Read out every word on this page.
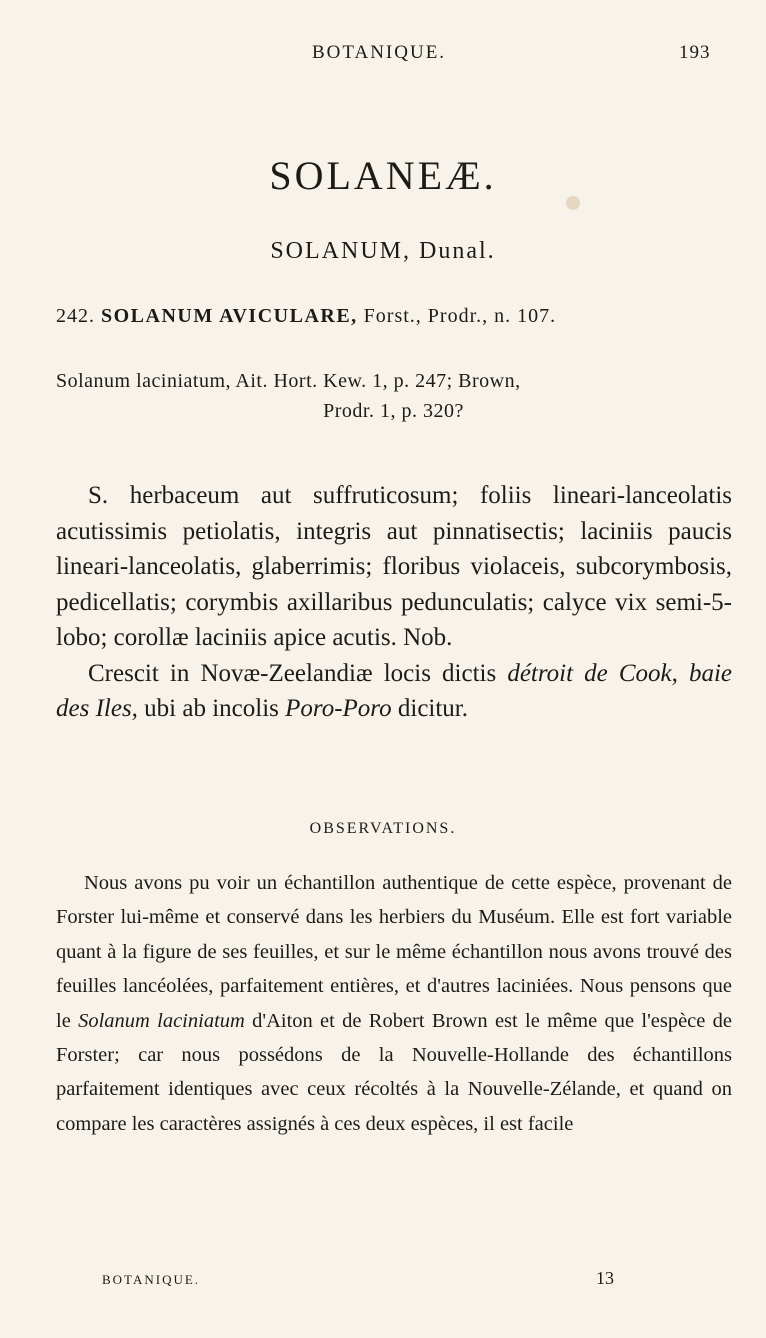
BOTANIQUE.	193
SOLANEÆ.
SOLANUM, Dunal.
242. SOLANUM AVICULARE, Forst., Prodr., n. 107.
Solanum laciniatum, Ait. Hort. Kew. 1, p. 247; Brown,
Prodr. 1, p. 320?

S. herbaceum aut suffruticosum; foliis lineari-lanceolatis acutissimis petiolatis, integris aut pinnatisectis; laciniis paucis lineari-lanceolatis, glaberrimis; floribus violaceis, subcorymbosis, pedicellatis; corymbis axillaribus pedunculatis; calyce vix semi-5-lobo; corollæ laciniis apice acutis. Nob.

Crescit in Novæ-Zeelandiæ locis dictis détroit de Cook, baie des Iles, ubi ab incolis Poro-Poro dicitur.

OBSERVATIONS.

Nous avons pu voir un échantillon authentique de cette espèce, provenant de Forster lui-même et conservé dans les herbiers du Muséum. Elle est fort variable quant à la figure de ses feuilles, et sur le même échantillon nous avons trouvé des feuilles lancéolées, parfaitement entières, et d'autres laciniées. Nous pensons que le Solanum laciniatum d'Aiton et de Robert Brown est le même que l'espèce de Forster; car nous possédons de la Nouvelle-Hollande des échantillons parfaitement identiques avec ceux récoltés à la Nouvelle-Zélande, et quand on compare les caractères assignés à ces deux espèces, il est facile

BOTANIQUE.	13
